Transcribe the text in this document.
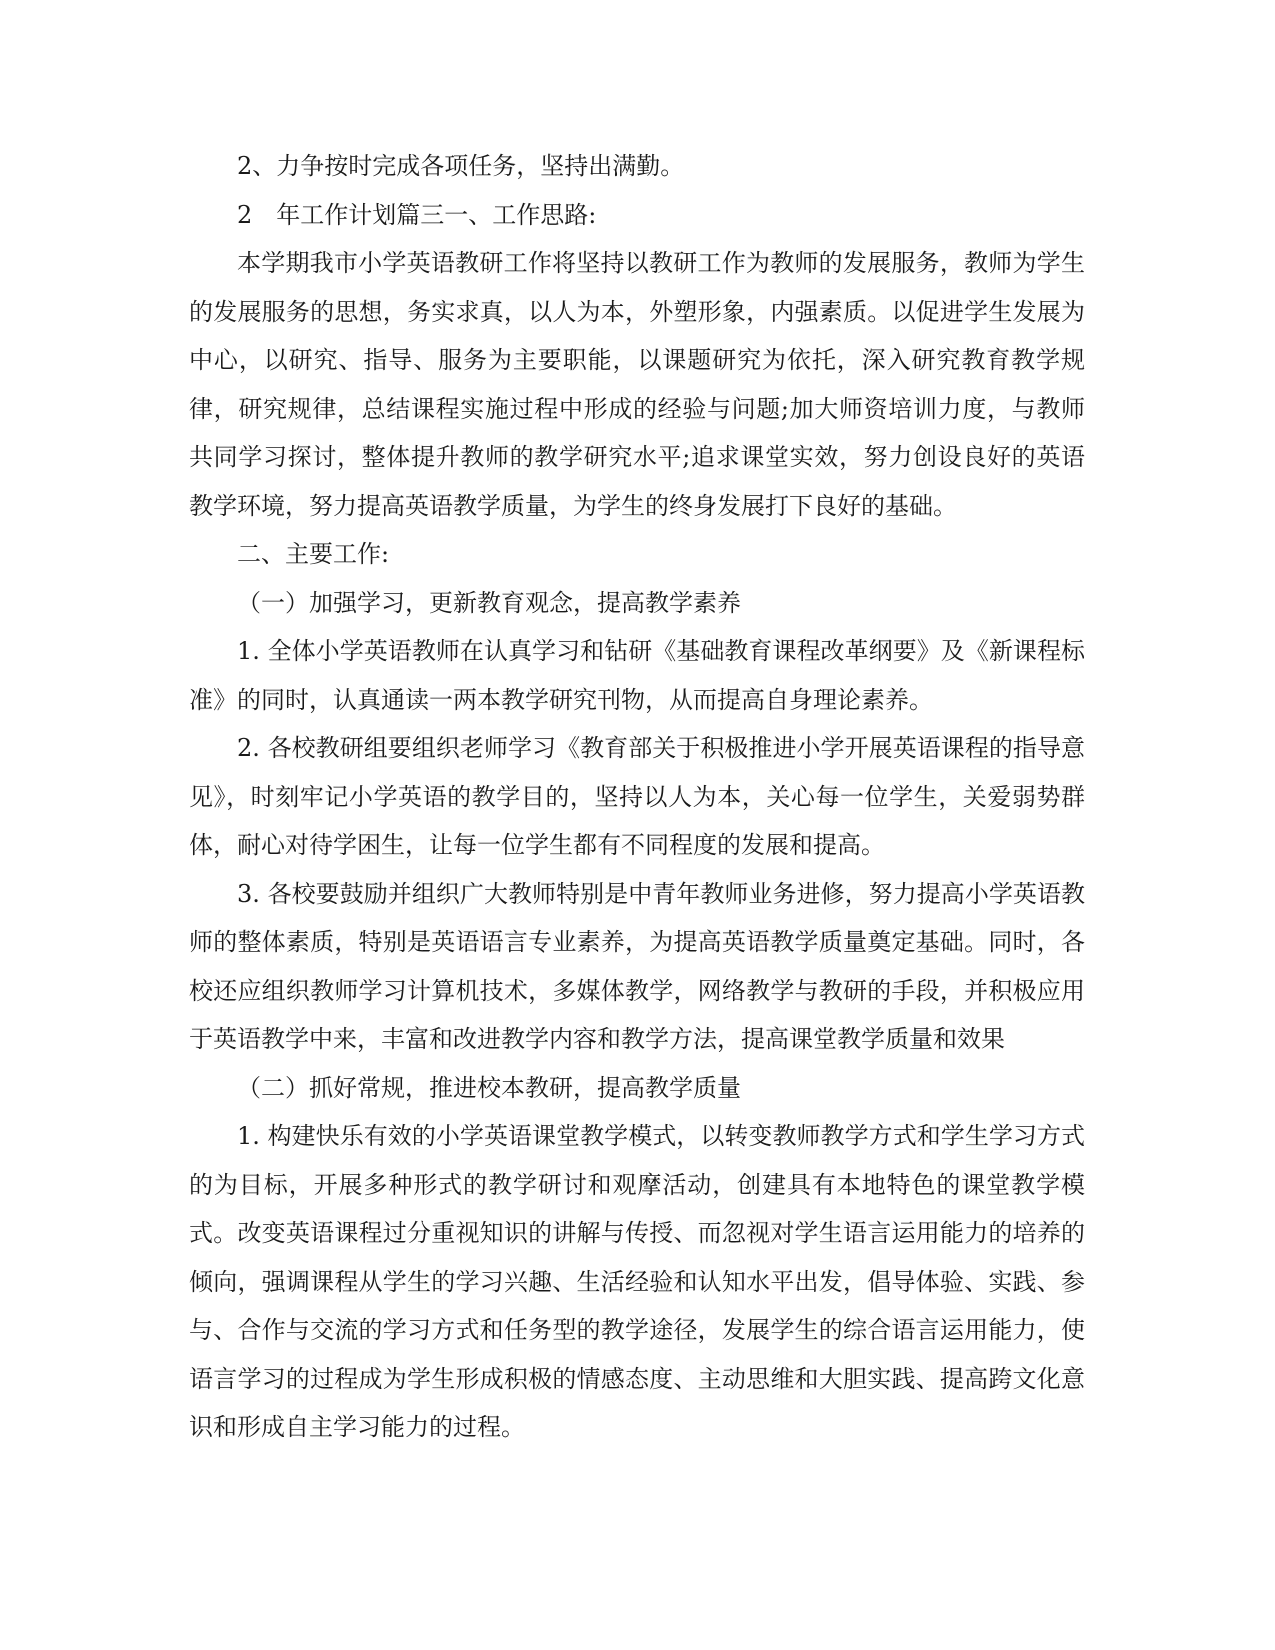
2、力争按时完成各项任务，坚持出满勤。

2　年工作计划篇三一、工作思路:

本学期我市小学英语教研工作将坚持以教研工作为教师的发展服务，教师为学生的发展服务的思想，务实求真，以人为本，外塑形象，内强素质。以促进学生发展为中心，以研究、指导、服务为主要职能，以课题研究为依托，深入研究教育教学规律，研究规律，总结课程实施过程中形成的经验与问题;加大师资培训力度，与教师共同学习探讨，整体提升教师的教学研究水平;追求课堂实效，努力创设良好的英语教学环境，努力提高英语教学质量，为学生的终身发展打下良好的基础。

二、主要工作:

（一）加强学习，更新教育观念，提高教学素养

1. 全体小学英语教师在认真学习和钻研《基础教育课程改革纲要》及《新课程标准》的同时，认真通读一两本教学研究刊物，从而提高自身理论素养。

2. 各校教研组要组织老师学习《教育部关于积极推进小学开展英语课程的指导意见》，时刻牢记小学英语的教学目的，坚持以人为本，关心每一位学生，关爱弱势群体，耐心对待学困生，让每一位学生都有不同程度的发展和提高。

3. 各校要鼓励并组织广大教师特别是中青年教师业务进修，努力提高小学英语教师的整体素质，特别是英语语言专业素养，为提高英语教学质量奠定基础。同时，各校还应组织教师学习计算机技术，多媒体教学，网络教学与教研的手段，并积极应用于英语教学中来，丰富和改进教学内容和教学方法，提高课堂教学质量和效果

（二）抓好常规，推进校本教研，提高教学质量

1. 构建快乐有效的小学英语课堂教学模式，以转变教师教学方式和学生学习方式的为目标，开展多种形式的教学研讨和观摩活动，创建具有本地特色的课堂教学模式。改变英语课程过分重视知识的讲解与传授、而忽视对学生语言运用能力的培养的倾向，强调课程从学生的学习兴趣、生活经验和认知水平出发，倡导体验、实践、参与、合作与交流的学习方式和任务型的教学途径，发展学生的综合语言运用能力，使语言学习的过程成为学生形成积极的情感态度、主动思维和大胆实践、提高跨文化意识和形成自主学习能力的过程。
